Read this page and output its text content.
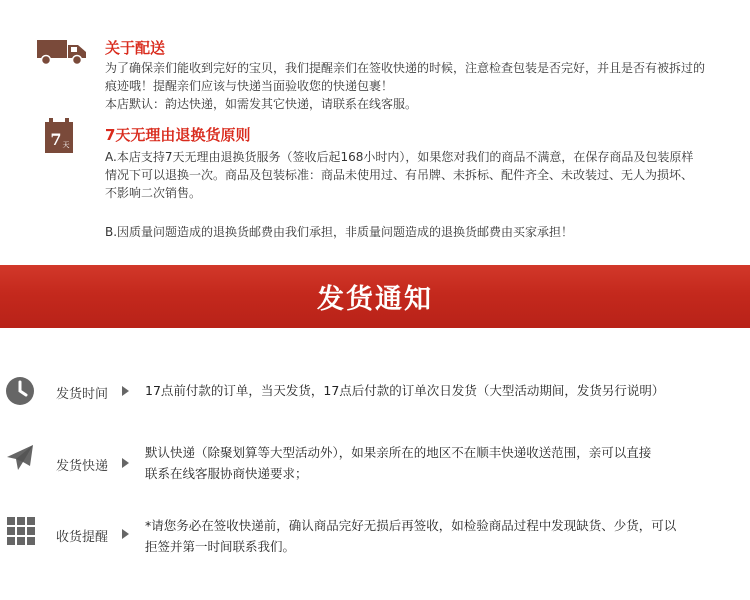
关于配送

为了确保亲们能收到完好的宝贝，我们提醒亲们在签收快递的时候，注意检查包装是否完好，并且是否有被拆过的

痕迹哦！提醒亲们应该与快递当面验收您的快递包裹！

本店默认：韵达快递，如需发其它快递，请联系在线客服。

7 天
7天无理由退换货原则

A.本店支持7天无理由退换货服务（签收后起168小时内），如果您对我们的商品不满意，在保存商品及包装原样

情况下可以退换一次。商品及包装标准：商品未使用过、有吊牌、未拆标、配件齐全、未改装过、无人为损坏、

不影响二次销售。

B.因质量问题造成的退换货邮费由我们承担，非质量问题造成的退换货邮费由买家承担！
发货通知
发货时间	17点前付款的订单，当天发货，17点后付款的订单次日发货（大型活动期间，发货另行说明）

发货快递

默认快递（除聚划算等大型活动外），如果亲所在的地区不在顺丰快递收送范围，亲可以直接

联系在线客服协商快递要求；

收货提醒

*请您务必在签收快递前，确认商品完好无损后再签收，如检验商品过程中发现缺货、少货，可以

拒签并第一时间联系我们。
